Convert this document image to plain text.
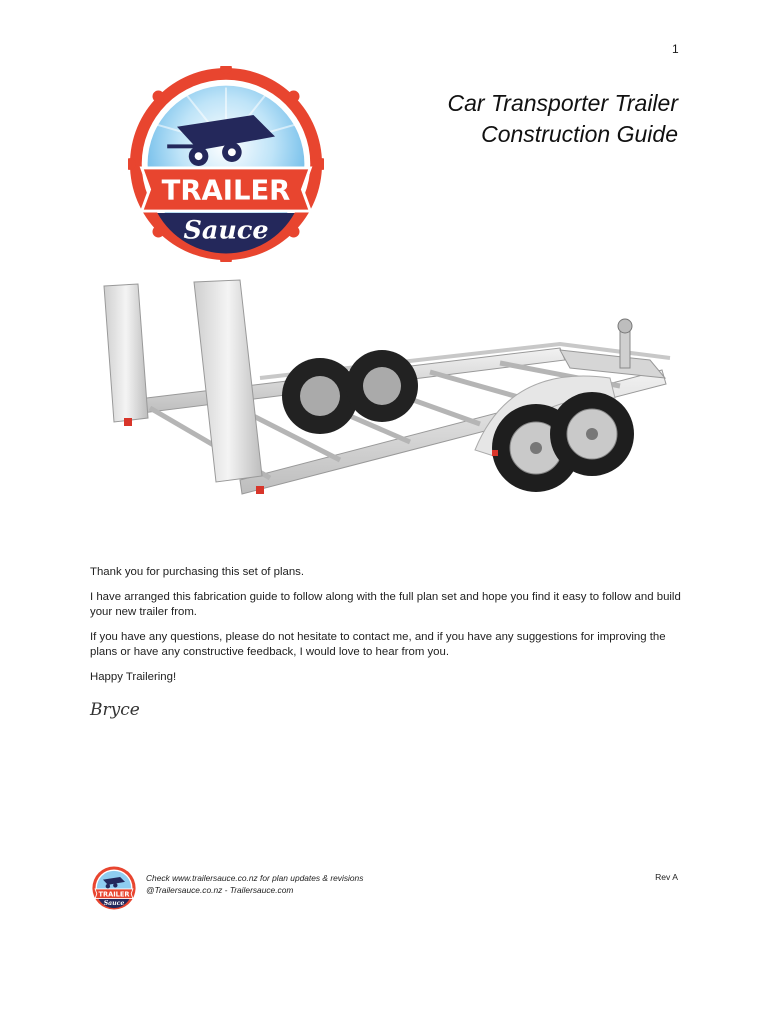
1
TRAILER
Sauce
Car Transporter Trailer
Construction Guide

Thank you for purchasing this set of plans.

I have arranged this fabrication guide to follow along with the full plan set and hope you find it easy to follow and build your new trailer from.

If you have any questions, please do not hesitate to contact me, and if you have any suggestions for improving the plans or have any constructive feedback, I would love to hear from you.

Happy Trailering!

Bryce
TRAILER
Sauce
Check www.trailersauce.co.nz for plan updates & revisions
@Trailersauce.co.nz - Trailersauce.com
Rev A
